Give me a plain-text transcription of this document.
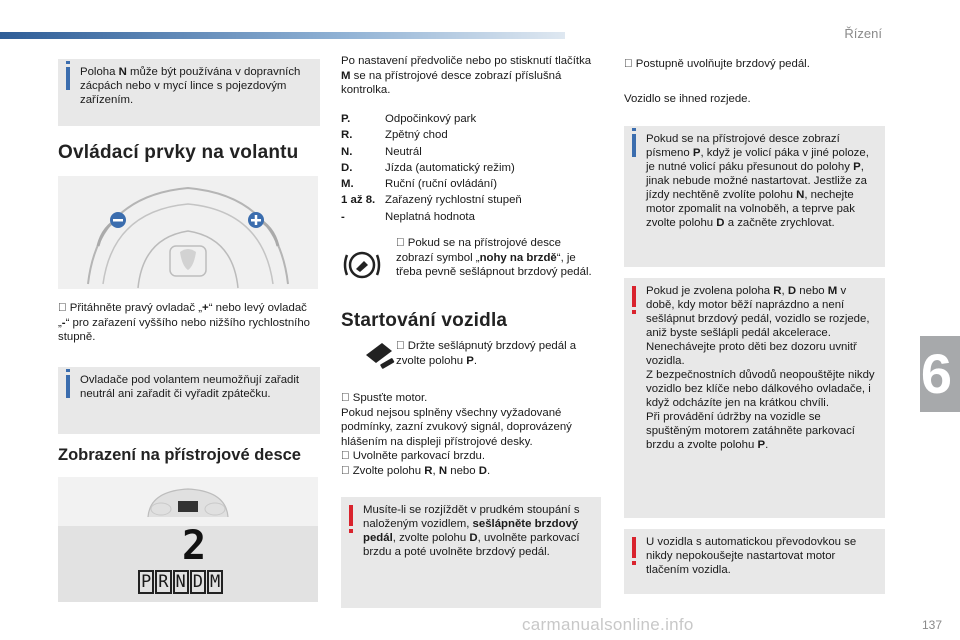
Řízení
6
carmanualsonline.info	137
Poloha N může být používána v dopravních zácpách nebo v mycí lince s pojezdovým zařízením.
Ovládací prvky na volantu
Přitáhněte pravý ovladač „+“ nebo levý ovladač „-“ pro zařazení vyššího nebo nižšího rychlostního stupně.
Ovladače pod volantem neumožňují zařadit neutrál ani zařadit či vyřadit zpátečku.
Zobrazení na přístrojové desce
2
P R N D M
Po nastavení předvoliče nebo po stisknutí tlačítka M se na přístrojové desce zobrazí příslušná kontrolka.
P.	Odpočinkový park
R.	Zpětný chod
N.	Neutrál
D.	Jízda (automatický režim)
M.	Ruční (ruční ovládání)
1 až 8.	Zařazený rychlostní stupeň
-	Neplatná hodnota
Pokud se na přístrojové desce zobrazí symbol „nohy na brzdě“, je třeba pevně sešlápnout brzdový pedál.
Startování vozidla
Držte sešlápnutý brzdový pedál a zvolte polohu P.
Spusťte motor.
Pokud nejsou splněny všechny vyžadované podmínky, zazní zvukový signál, doprovázený hlášením na displeji přístrojové desky.
Uvolněte parkovací brzdu.
Zvolte polohu R, N nebo D.
Musíte-li se rozjíždět v prudkém stoupání s naloženým vozidlem, sešlápněte brzdový pedál, zvolte polohu D, uvolněte parkovací brzdu a poté uvolněte brzdový pedál.
Postupně uvolňujte brzdový pedál.
Vozidlo se ihned rozjede.
Pokud se na přístrojové desce zobrazí písmeno P, když je volicí páka v jiné poloze, je nutné volicí páku přesunout do polohy P, jinak nebude možné nastartovat. Jestliže za jízdy nechtěně zvolíte polohu N, nechejte motor zpomalit na volnoběh, a teprve pak zvolte polohu D a začněte zrychlovat.
Pokud je zvolena poloha R, D nebo M v době, kdy motor běží naprázdno a není sešlápnut brzdový pedál, vozidlo se rozjede, aniž byste sešlápli pedál akcelerace.
Nenechávejte proto děti bez dozoru uvnitř vozidla.
Z bezpečnostních důvodů neopouštějte nikdy vozidlo bez klíče nebo dálkového ovladače, i když odcházíte jen na krátkou chvíli.
Při provádění údržby na vozidle se spuštěným motorem zatáhněte parkovací brzdu a zvolte polohu P.
U vozidla s automatickou převodovkou se nikdy nepokoušejte nastartovat motor tlačením vozidla.
